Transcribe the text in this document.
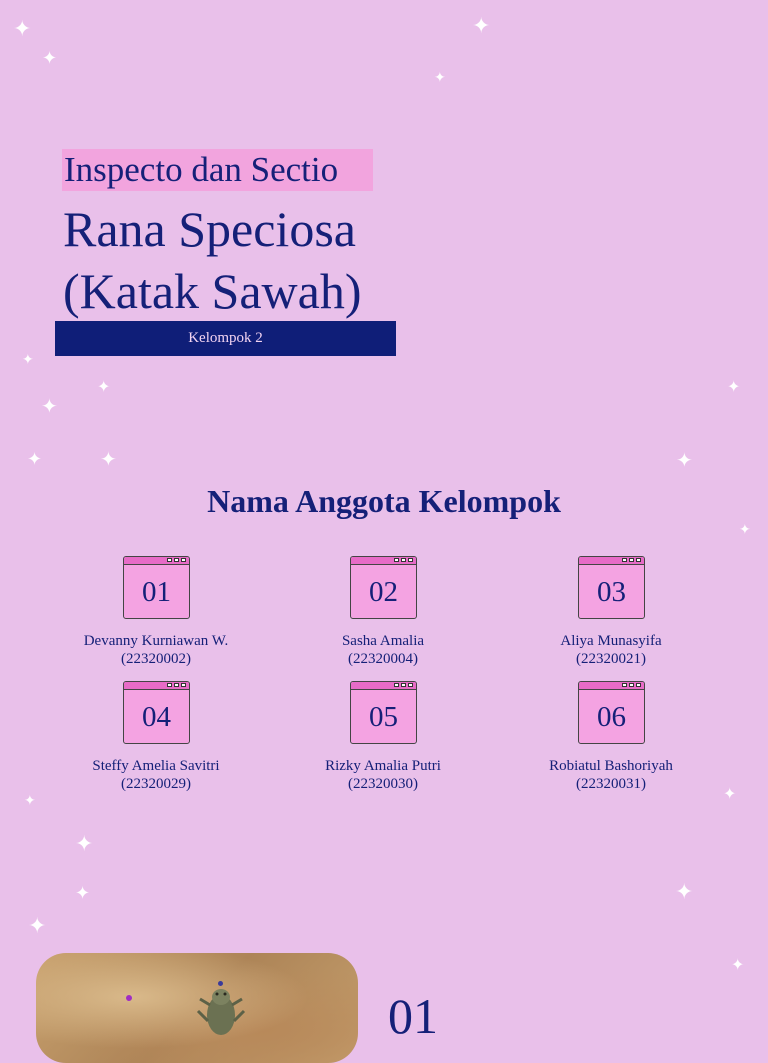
✦
✦
✦
✦
✦
✦
✦
✦	✦
✦
✦
✦
✦	✦
✦
✦	✦
✦
✦
Inspecto dan Sectio
Rana Speciosa
(Katak Sawah)
Kelompok 2
Nama Anggota Kelompok
01
Devanny Kurniawan W.
(22320002)
02
Sasha Amalia
(22320004)
03
Aliya Munasyifa
(22320021)
04
Steffy Amelia Savitri
(22320029)
05
Rizky Amalia Putri
(22320030)
06
Robiatul Bashoriyah
(22320031)
01
